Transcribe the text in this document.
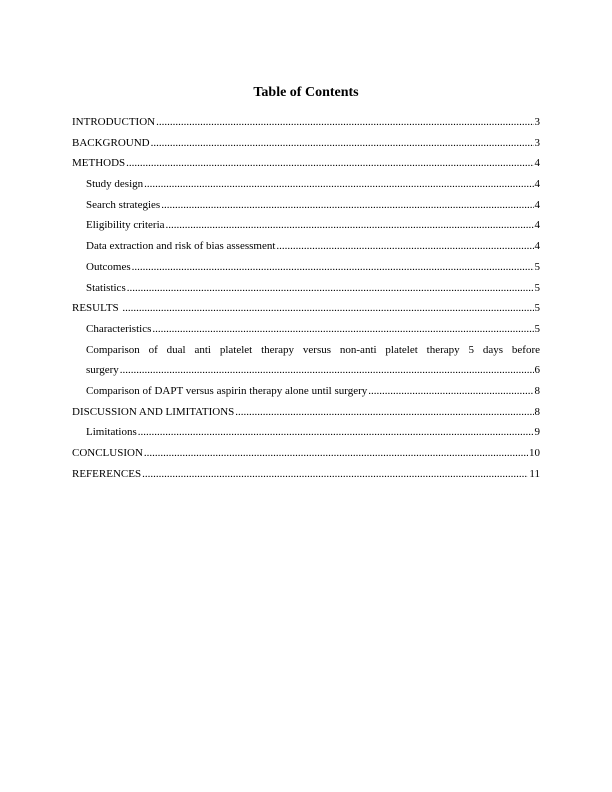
Table of Contents
INTRODUCTION .....	3
BACKGROUND .....	3
METHODS .....	4
Study design .....	4
Search strategies .....	4
Eligibility criteria .....	4
Data extraction and risk of bias assessment .....	4
Outcomes .....	5
Statistics .....	5
RESULTS .....	5
Characteristics .....	5
Comparison of dual anti platelet therapy versus non-anti platelet therapy 5 days before
surgery .....	6
Comparison of DAPT versus aspirin therapy alone until surgery .....	8
DISCUSSION AND LIMITATIONS .....	8
Limitations .....	9
CONCLUSION .....	10
REFERENCES .....	11
